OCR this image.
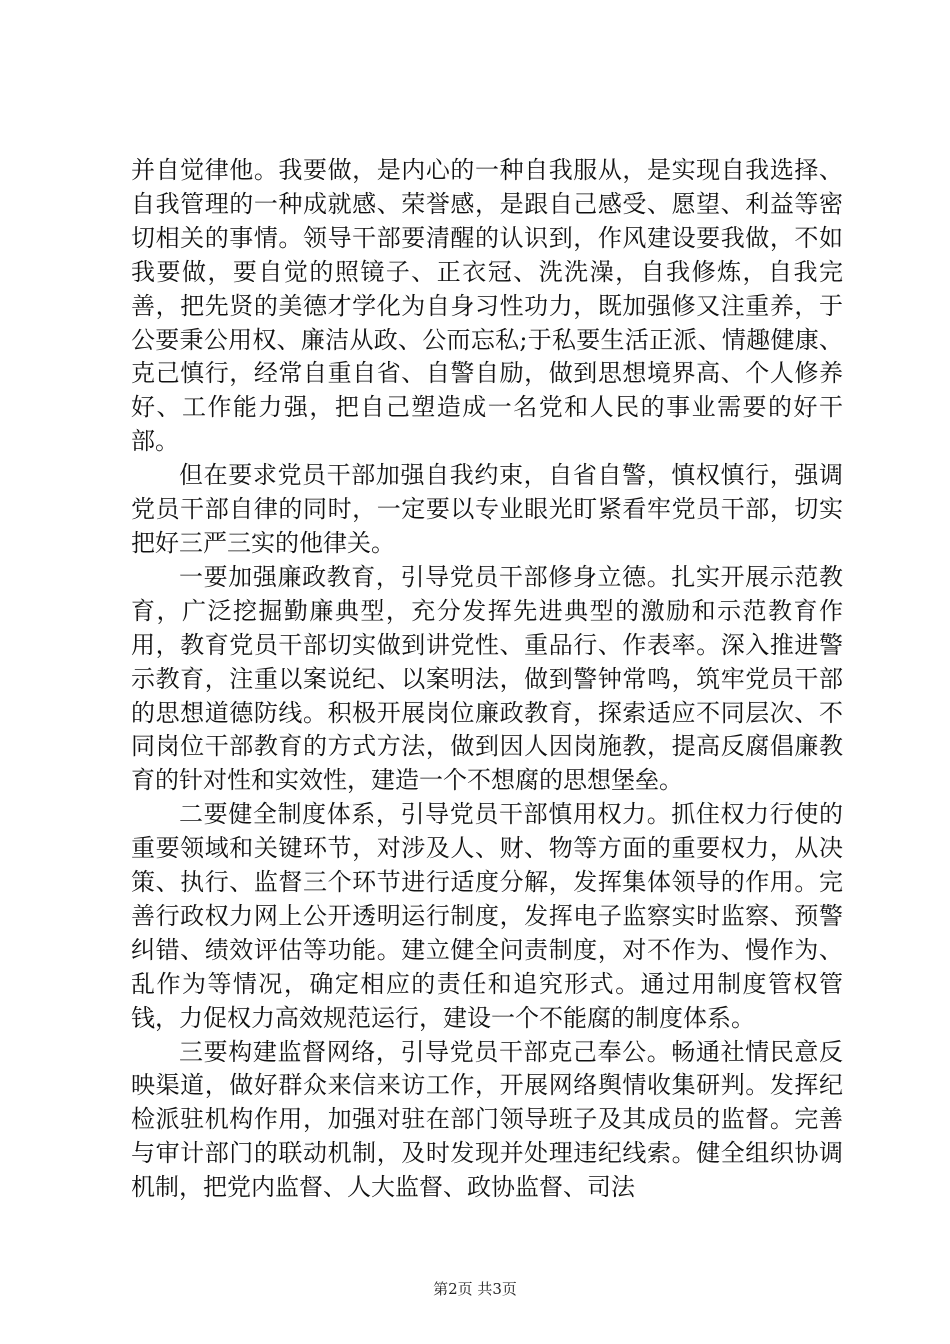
并自觉律他。我要做，是内心的一种自我服从，是实现自我选择、自我管理的一种成就感、荣誉感，是跟自己感受、愿望、利益等密切相关的事情。领导干部要清醒的认识到，作风建设要我做，不如我要做，要自觉的照镜子、正衣冠、洗洗澡，自我修炼，自我完善，把先贤的美德才学化为自身习性功力，既加强修又注重养，于公要秉公用权、廉洁从政、公而忘私;于私要生活正派、情趣健康、克己慎行，经常自重自省、自警自励，做到思想境界高、个人修养好、工作能力强，把自己塑造成一名党和人民的事业需要的好干部。

但在要求党员干部加强自我约束，自省自警，慎权慎行，强调党员干部自律的同时，一定要以专业眼光盯紧看牢党员干部，切实把好三严三实的他律关。

一要加强廉政教育，引导党员干部修身立德。扎实开展示范教育，广泛挖掘勤廉典型，充分发挥先进典型的激励和示范教育作用，教育党员干部切实做到讲党性、重品行、作表率。深入推进警示教育，注重以案说纪、以案明法，做到警钟常鸣，筑牢党员干部的思想道德防线。积极开展岗位廉政教育，探索适应不同层次、不同岗位干部教育的方式方法，做到因人因岗施教，提高反腐倡廉教育的针对性和实效性，建造一个不想腐的思想堡垒。

二要健全制度体系，引导党员干部慎用权力。抓住权力行使的重要领域和关键环节，对涉及人、财、物等方面的重要权力，从决策、执行、监督三个环节进行适度分解，发挥集体领导的作用。完善行政权力网上公开透明运行制度，发挥电子监察实时监察、预警纠错、绩效评估等功能。建立健全问责制度，对不作为、慢作为、乱作为等情况，确定相应的责任和追究形式。通过用制度管权管钱，力促权力高效规范运行，建设一个不能腐的制度体系。

三要构建监督网络，引导党员干部克己奉公。畅通社情民意反映渠道，做好群众来信来访工作，开展网络舆情收集研判。发挥纪检派驻机构作用，加强对驻在部门领导班子及其成员的监督。完善与审计部门的联动机制，及时发现并处理违纪线索。健全组织协调机制，把党内监督、人大监督、政协监督、司法

第2页 共3页
